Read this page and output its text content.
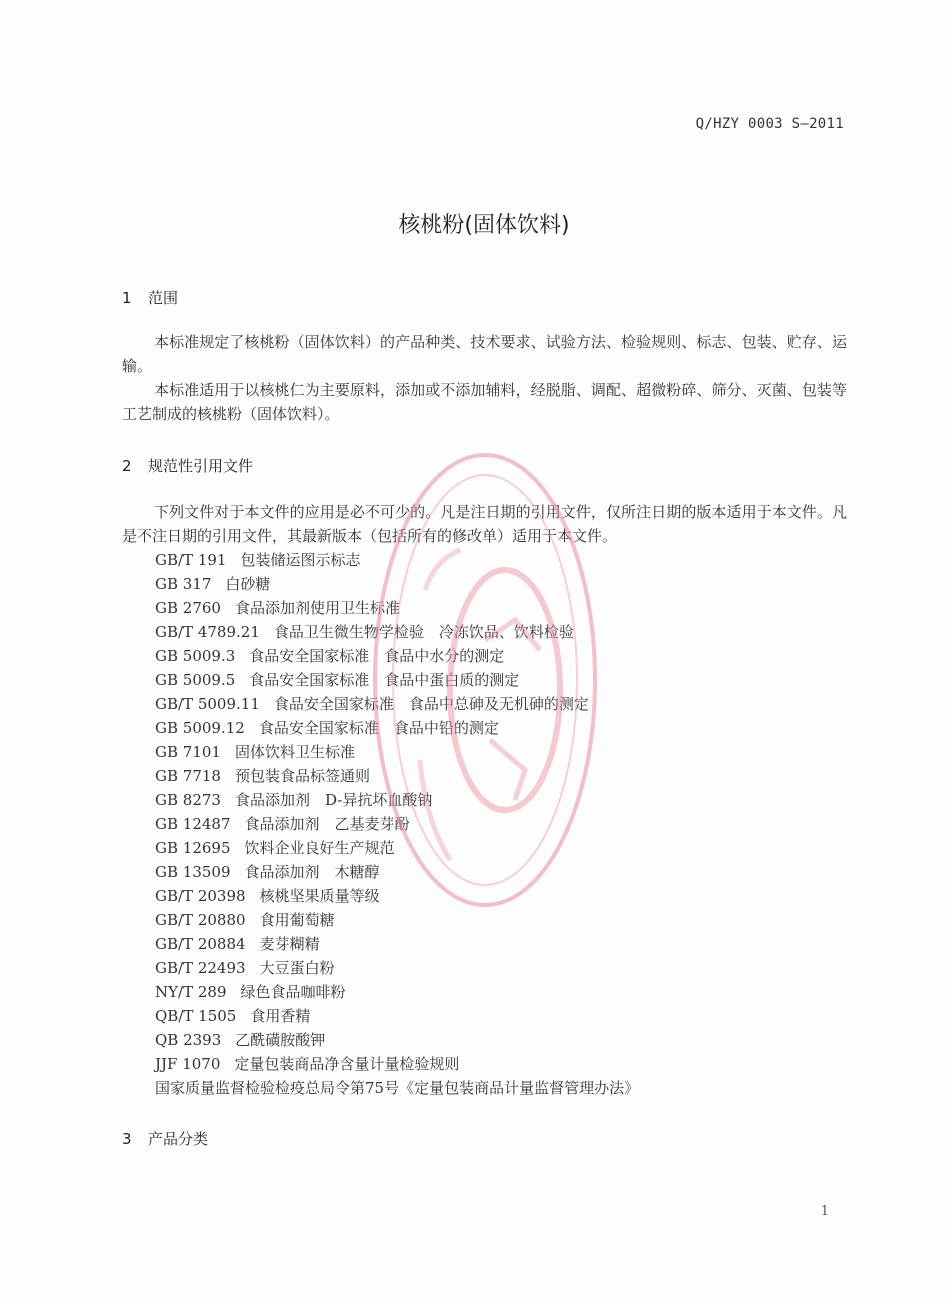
Q/HZY 0003 S—2011
核桃粉(固体饮料)
1 范围
本标准规定了核桃粉（固体饮料）的产品种类、技术要求、试验方法、检验规则、标志、包装、贮存、运输。
本标准适用于以核桃仁为主要原料，添加或不添加辅料，经脱脂、调配、超微粉碎、筛分、灭菌、包装等工艺制成的核桃粉（固体饮料）。
2 规范性引用文件
下列文件对于本文件的应用是必不可少的。凡是注日期的引用文件，仅所注日期的版本适用于本文件。凡是不注日期的引用文件，其最新版本（包括所有的修改单）适用于本文件。
GB/T 191 包装储运图示标志
GB 317 白砂糖
GB 2760 食品添加剂使用卫生标准
GB/T 4789.21 食品卫生微生物学检验　冷冻饮品、饮料检验
GB 5009.3 食品安全国家标准　食品中水分的测定
GB 5009.5 食品安全国家标准　食品中蛋白质的测定
GB/T 5009.11 食品安全国家标准　食品中总砷及无机砷的测定
GB 5009.12 食品安全国家标准　食品中铅的测定
GB 7101 固体饮料卫生标准
GB 7718 预包装食品标签通则
GB 8273 食品添加剂　D-异抗坏血酸钠
GB 12487 食品添加剂　乙基麦芽酚
GB 12695 饮料企业良好生产规范
GB 13509 食品添加剂　木糖醇
GB/T 20398 核桃坚果质量等级
GB/T 20880 食用葡萄糖
GB/T 20884 麦芽糊精
GB/T 22493 大豆蛋白粉
NY/T 289 绿色食品咖啡粉
QB/T 1505 食用香精
QB 2393 乙酰磺胺酸钾
JJF 1070 定量包装商品净含量计量检验规则
国家质量监督检验检疫总局令第75号《定量包装商品计量监督管理办法》
3 产品分类
1
